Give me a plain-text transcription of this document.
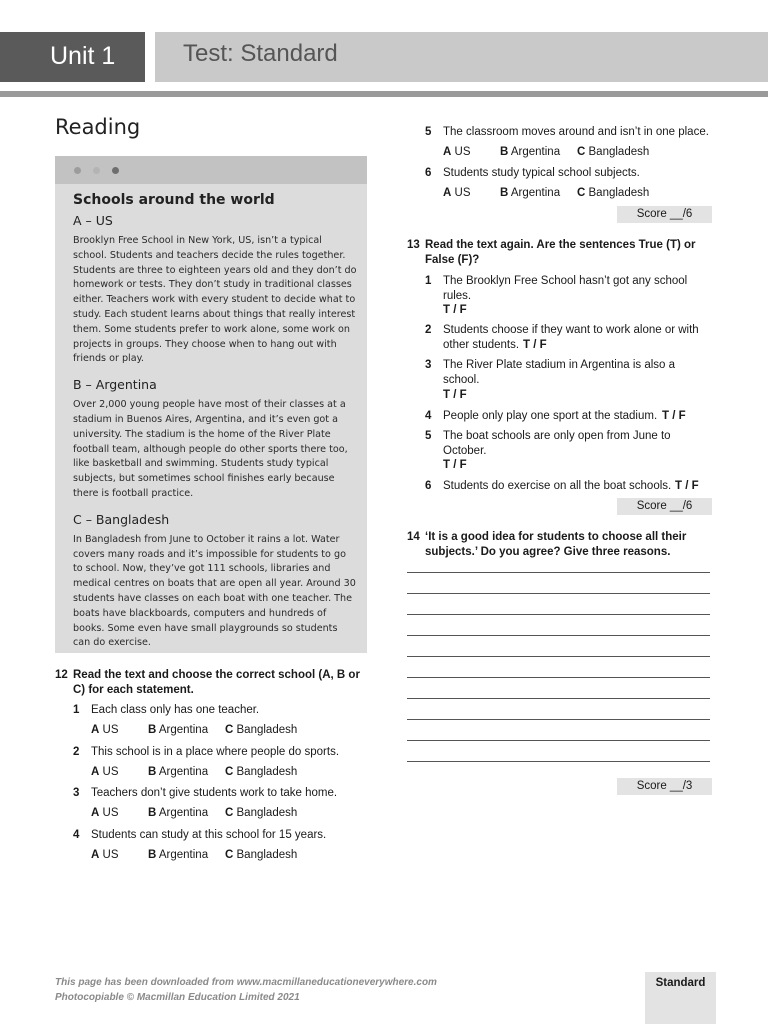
Unit 1	Test: Standard
Reading
Schools around the world
A – US
Brooklyn Free School in New York, US, isn’t a typical school. Students and teachers decide the rules together. Students are three to eighteen years old and they don’t do homework or tests. They don’t study in traditional classes either. Teachers work with every student to decide what to study. Each student learns about things that really interest them. Some students prefer to work alone, some work on projects in groups. They choose when to hang out with friends or play.
B – Argentina
Over 2,000 young people have most of their classes at a stadium in Buenos Aires, Argentina, and it’s even got a university. The stadium is the home of the River Plate football team, although people do other sports there too, like basketball and swimming. Students study typical subjects, but sometimes school finishes early because there is football practice.
C – Bangladesh
In Bangladesh from June to October it rains a lot. Water covers many roads and it’s impossible for students to go to school. Now, they’ve got 111 schools, libraries and medical centres on boats that are open all year. Around 30 students have classes on each boat with one teacher. The boats have blackboards, computers and hundreds of books. Some even have small playgrounds so students can do exercise.
12 Read the text and choose the correct school (A, B or C) for each statement.
1 Each class only has one teacher.
A US	B Argentina C Bangladesh
2 This school is in a place where people do sports.
A US	B Argentina C Bangladesh
3 Teachers don’t give students work to take home.
A US	B Argentina C Bangladesh
4 Students can study at this school for 15 years.
A US	B Argentina C Bangladesh
5 The classroom moves around and isn’t in one place.
A US	B Argentina C Bangladesh
6 Students study typical school subjects.
A US	B Argentina C Bangladesh
Score __/6
13 Read the text again. Are the sentences True (T) or False (F)?
1 The Brooklyn Free School hasn’t got any school rules.
T / F
2 Students choose if they want to work alone or with other students. T / F
3 The River Plate stadium in Argentina is also a school.
T / F
4 People only play one sport at the stadium. T / F
5 The boat schools are only open from June to October.
T / F
6 Students do exercise on all the boat schools. T / F
Score __/6
14 ‘It is a good idea for students to choose all their subjects.’ Do you agree? Give three reasons.
Score __/3
This page has been downloaded from www.macmillaneducationeverywhere.com
Photocopiable © Macmillan Education Limited 2021
Standard
